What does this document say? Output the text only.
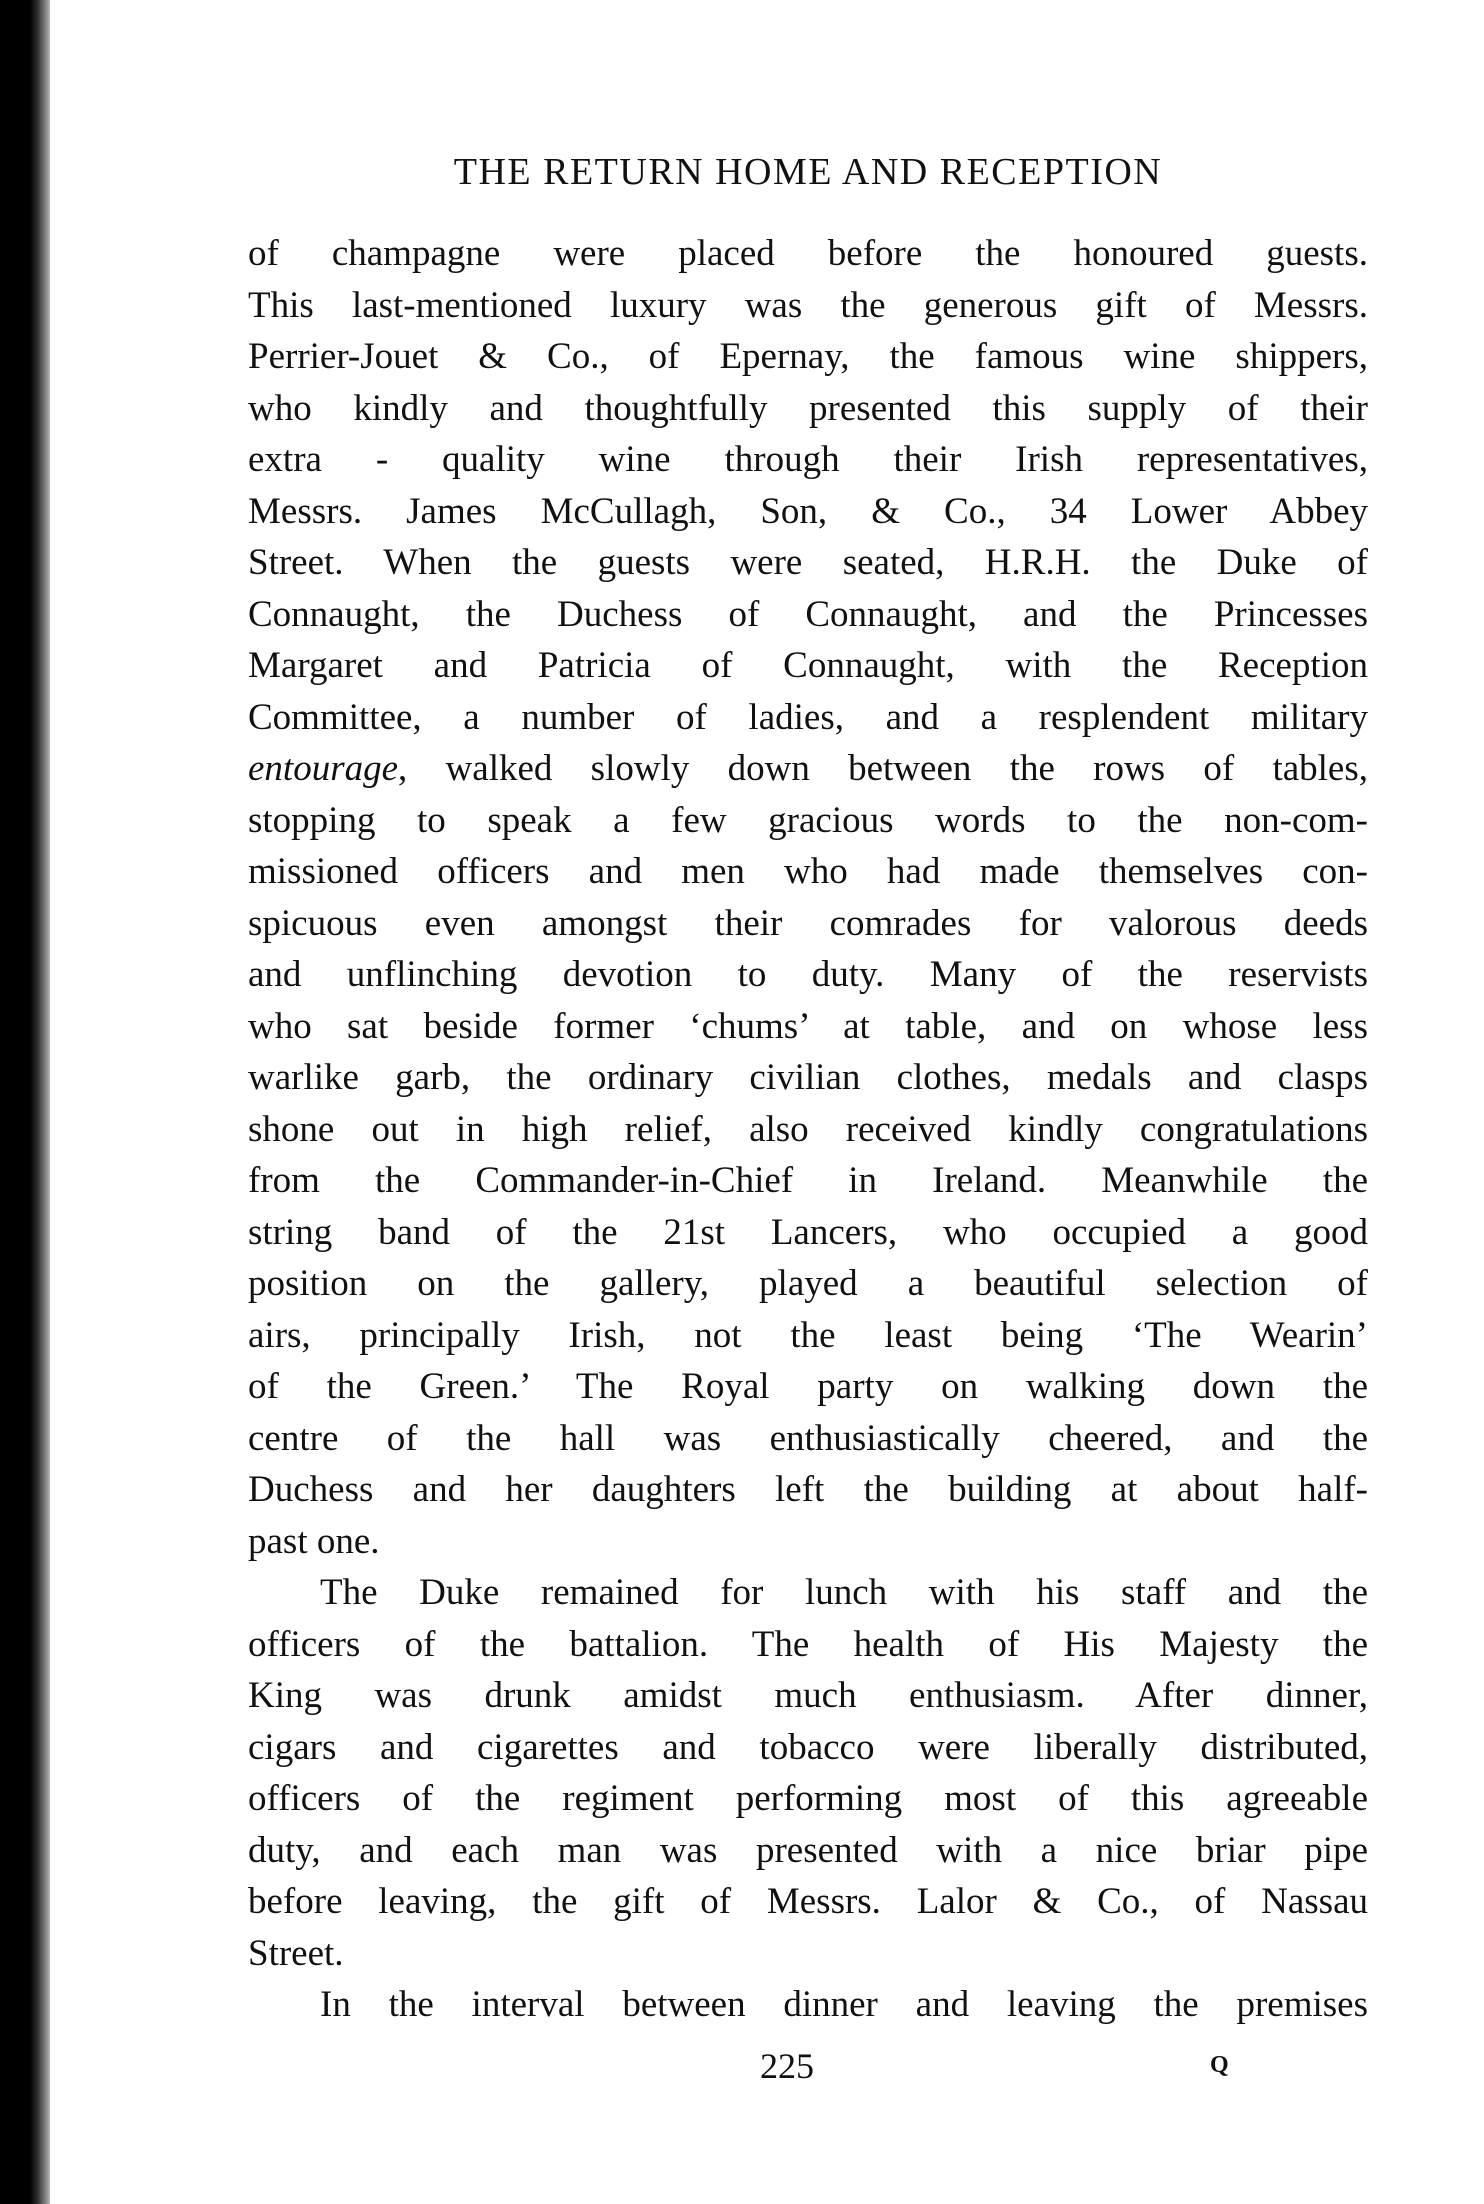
THE RETURN HOME AND RECEPTION
of champagne were placed before the honoured guests.
This last-mentioned luxury was the generous gift of Messrs.
Perrier-Jouet & Co., of Epernay, the famous wine shippers,
who kindly and thoughtfully presented this supply of their
extra - quality wine through their Irish representatives,
Messrs. James McCullagh, Son, & Co., 34 Lower Abbey
Street. When the guests were seated, H.R.H. the Duke of
Connaught, the Duchess of Connaught, and the Princesses
Margaret and Patricia of Connaught, with the Reception
Committee, a number of ladies, and a resplendent military
entourage, walked slowly down between the rows of tables,
stopping to speak a few gracious words to the non-com-
missioned officers and men who had made themselves con-
spicuous even amongst their comrades for valorous deeds
and unflinching devotion to duty. Many of the reservists
who sat beside former ‘chums’ at table, and on whose less
warlike garb, the ordinary civilian clothes, medals and clasps
shone out in high relief, also received kindly congratulations
from the Commander-in-Chief in Ireland. Meanwhile the
string band of the 21st Lancers, who occupied a good
position on the gallery, played a beautiful selection of
airs, principally Irish, not the least being ‘The Wearin’
of the Green.’ The Royal party on walking down the
centre of the hall was enthusiastically cheered, and the
Duchess and her daughters left the building at about half-
past one.
The Duke remained for lunch with his staff and the
officers of the battalion. The health of His Majesty the
King was drunk amidst much enthusiasm. After dinner,
cigars and cigarettes and tobacco were liberally distributed,
officers of the regiment performing most of this agreeable
duty, and each man was presented with a nice briar pipe
before leaving, the gift of Messrs. Lalor & Co., of Nassau
Street.
In the interval between dinner and leaving the premises
225	Q
